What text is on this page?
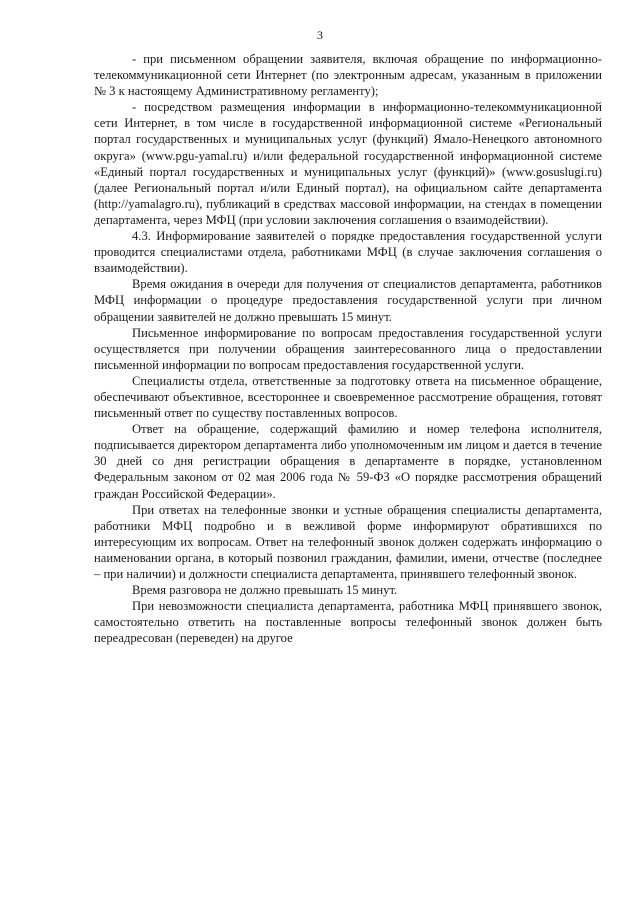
3

- при письменном обращении заявителя, включая обращение по информационно-телекоммуникационной сети Интернет (по электронным адресам, указанным в приложении № 3 к настоящему Административному регламенту);

- посредством размещения информации в информационно-телекоммуникационной сети Интернет, в том числе в государственной информационной системе «Региональный портал государственных и муниципальных услуг (функций) Ямало-Ненецкого автономного округа» (www.pgu-yamal.ru) и/или федеральной государственной информационной системе «Единый портал государственных и муниципальных услуг (функций)» (www.gosuslugi.ru) (далее Региональный портал и/или Единый портал), на официальном сайте департамента (http://yamalagro.ru), публикаций в средствах массовой информации, на стендах в помещении департамента, через МФЦ (при условии заключения соглашения о взаимодействии).

4.3. Информирование заявителей о порядке предоставления государственной услуги проводится специалистами отдела, работниками МФЦ (в случае заключения соглашения о взаимодействии).

Время ожидания в очереди для получения от специалистов департамента, работников МФЦ информации о процедуре предоставления государственной услуги при личном обращении заявителей не должно превышать 15 минут.

Письменное информирование по вопросам предоставления государственной услуги осуществляется при получении обращения заинтересованного лица о предоставлении письменной информации по вопросам предоставления государственной услуги.

Специалисты отдела, ответственные за подготовку ответа на письменное обращение, обеспечивают объективное, всестороннее и своевременное рассмотрение обращения, готовят письменный ответ по существу поставленных вопросов.

Ответ на обращение, содержащий фамилию и номер телефона исполнителя, подписывается директором департамента либо уполномоченным им лицом и дается в течение 30 дней со дня регистрации обращения в департаменте в порядке, установленном Федеральным законом от 02 мая 2006 года № 59-ФЗ «О порядке рассмотрения обращений граждан Российской Федерации».

При ответах на телефонные звонки и устные обращения специалисты департамента, работники МФЦ подробно и в вежливой форме информируют обратившихся по интересующим их вопросам. Ответ на телефонный звонок должен содержать информацию о наименовании органа, в который позвонил гражданин, фамилии, имени, отчестве (последнее – при наличии) и должности специалиста департамента, принявшего телефонный звонок.

Время разговора не должно превышать 15 минут.

При невозможности специалиста департамента, работника МФЦ принявшего звонок, самостоятельно ответить на поставленные вопросы телефонный звонок должен быть переадресован (переведен) на другое
